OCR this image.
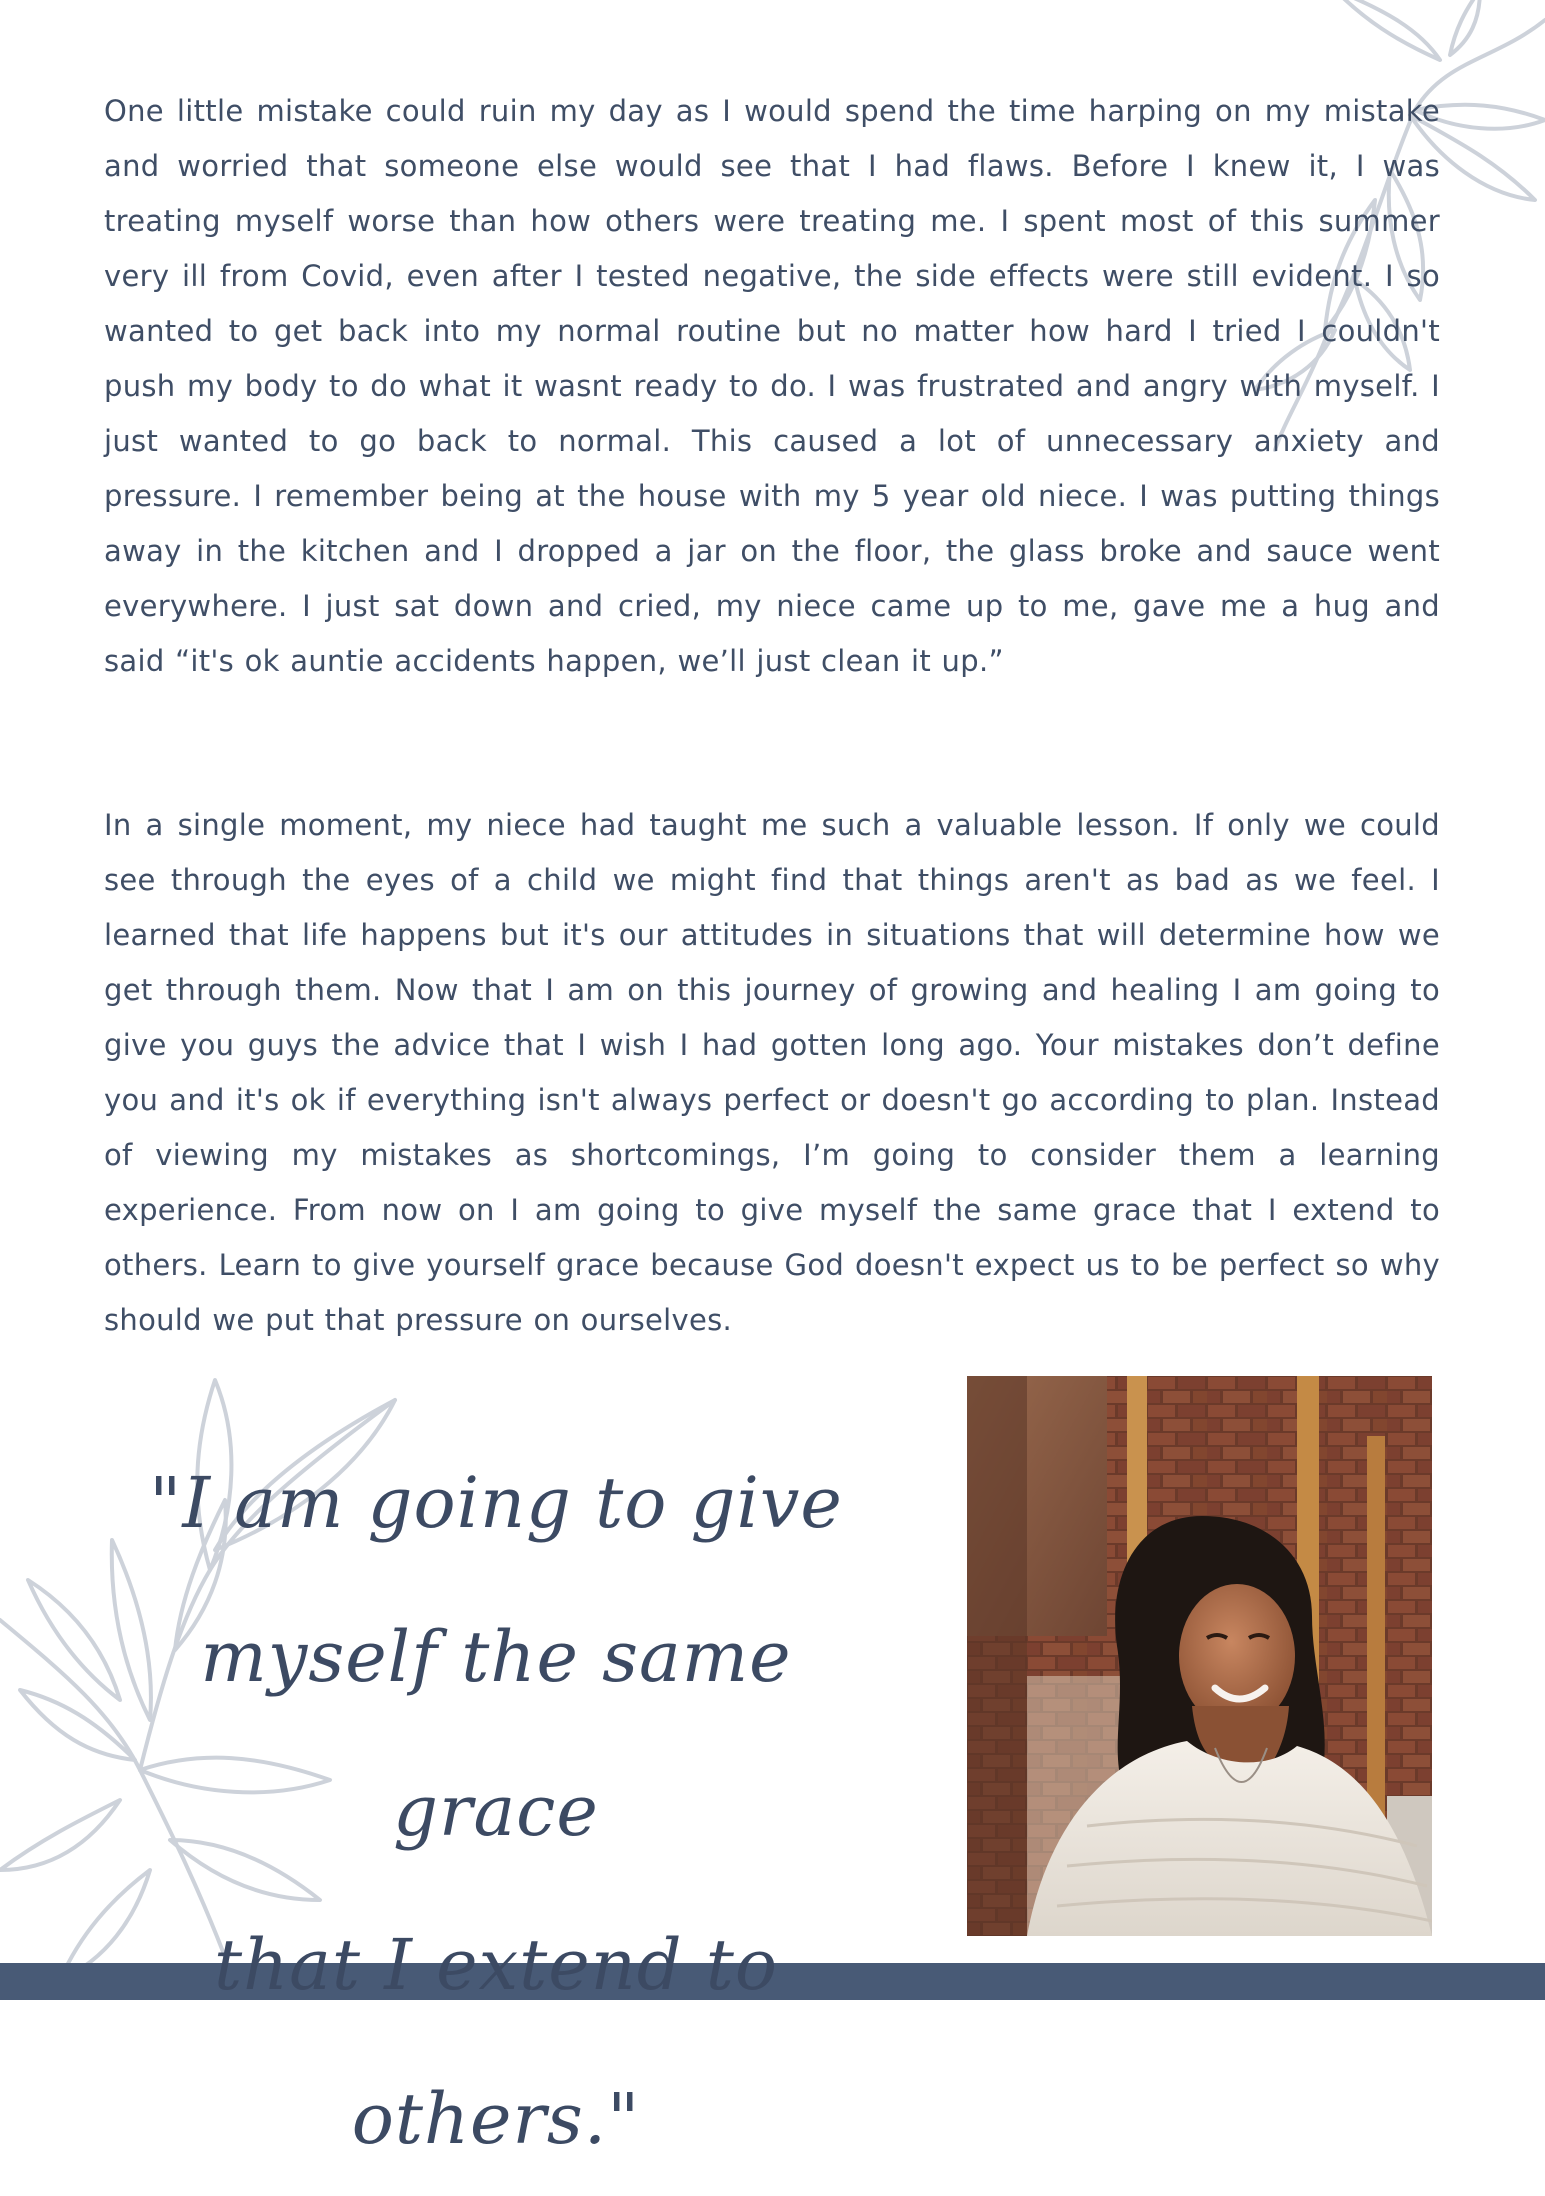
One little mistake could ruin my day as I would spend the time harping on my mistake and worried that someone else would see that I had flaws. Before I knew it, I was treating myself worse than how others were treating me. I spent most of this summer very ill from Covid, even after I tested negative, the side effects were still evident. I so wanted to get back into my normal routine but no matter how hard I tried I couldn't push my body to do what it wasnt ready to do. I was frustrated and angry with myself. I just wanted to go back to normal. This caused a lot of unnecessary anxiety and pressure. I remember being at the house with my 5 year old niece. I was putting things away in the kitchen and I dropped a jar on the floor, the glass broke and sauce went everywhere. I just sat down and cried, my niece came up to me, gave me a hug and said “it's ok auntie accidents happen, we’ll just clean it up.”

In a single moment, my niece had taught me such a valuable lesson. If only we could see through the eyes of a child we might find that things aren't as bad as we feel. I learned that life happens but it's our attitudes in situations that will determine how we get through them. Now that I am on this journey of growing and healing I am going to give you guys the advice that I wish I had gotten long ago. Your mistakes don’t define you and it's ok if everything isn't always perfect or doesn't go according to plan. Instead of viewing my mistakes as shortcomings, I’m going to consider them a learning experience. From now on I am going to give myself the same grace that I extend to others. Learn to give yourself grace because God doesn't expect us to be perfect so why should we put that pressure on ourselves.

"I am going to give
myself the same grace
that I extend to others."
